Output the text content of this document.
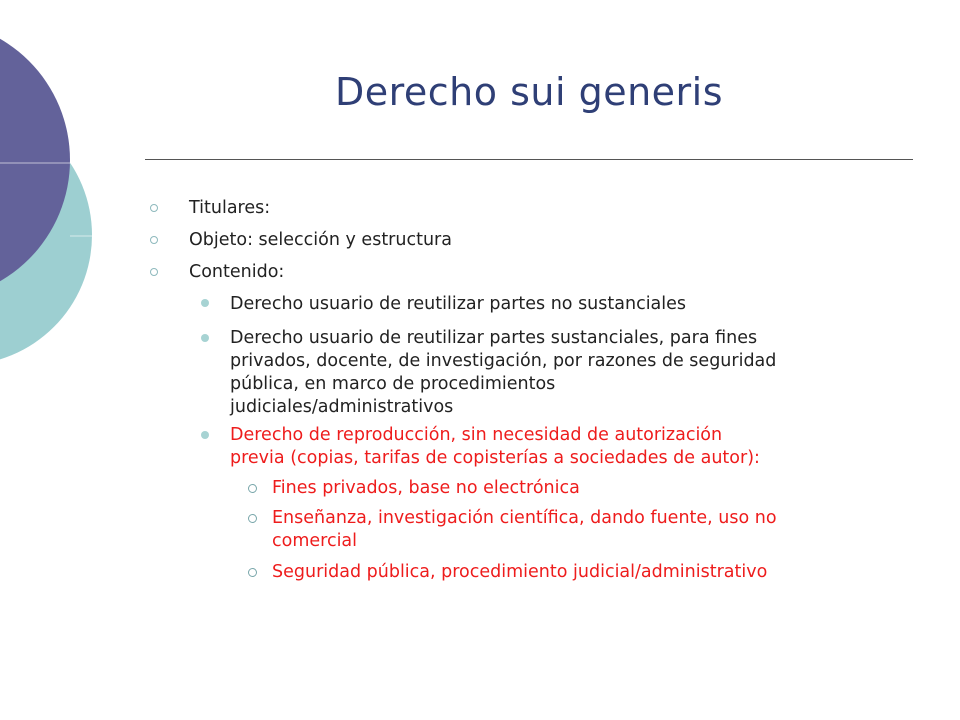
Derecho sui generis
Titulares:
Objeto: selección y estructura
Contenido:
Derecho usuario de reutilizar partes no sustanciales
Derecho usuario de reutilizar partes sustanciales, para fines
privados, docente, de investigación, por razones de seguridad
pública, en marco de procedimientos
judiciales/administrativos
Derecho de reproducción, sin necesidad de autorización
previa (copias, tarifas de copisterías a sociedades de autor):
Fines privados, base no electrónica
Enseñanza, investigación científica, dando fuente, uso no
comercial
Seguridad pública, procedimiento judicial/administrativo
